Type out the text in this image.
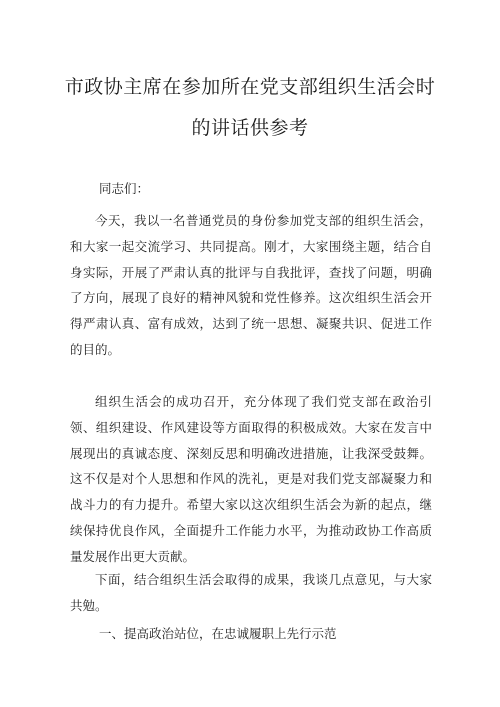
市政协主席在参加所在党支部组织生活会时
的讲话供参考

同志们：

今天，我以一名普通党员的身份参加党支部的组织生活会，和大家一起交流学习、共同提高。刚才，大家围绕主题，结合自身实际，开展了严肃认真的批评与自我批评，查找了问题，明确了方向，展现了良好的精神风貌和党性修养。这次组织生活会开得严肃认真、富有成效，达到了统一思想、凝聚共识、促进工作的目的。

组织生活会的成功召开，充分体现了我们党支部在政治引领、组织建设、作风建设等方面取得的积极成效。大家在发言中展现出的真诚态度、深刻反思和明确改进措施，让我深受鼓舞。这不仅是对个人思想和作风的洗礼，更是对我们党支部凝聚力和战斗力的有力提升。希望大家以这次组织生活会为新的起点，继续保持优良作风，全面提升工作能力水平，为推动政协工作高质量发展作出更大贡献。

下面，结合组织生活会取得的成果，我谈几点意见，与大家共勉。

一、提高政治站位，在忠诚履职上先行示范
